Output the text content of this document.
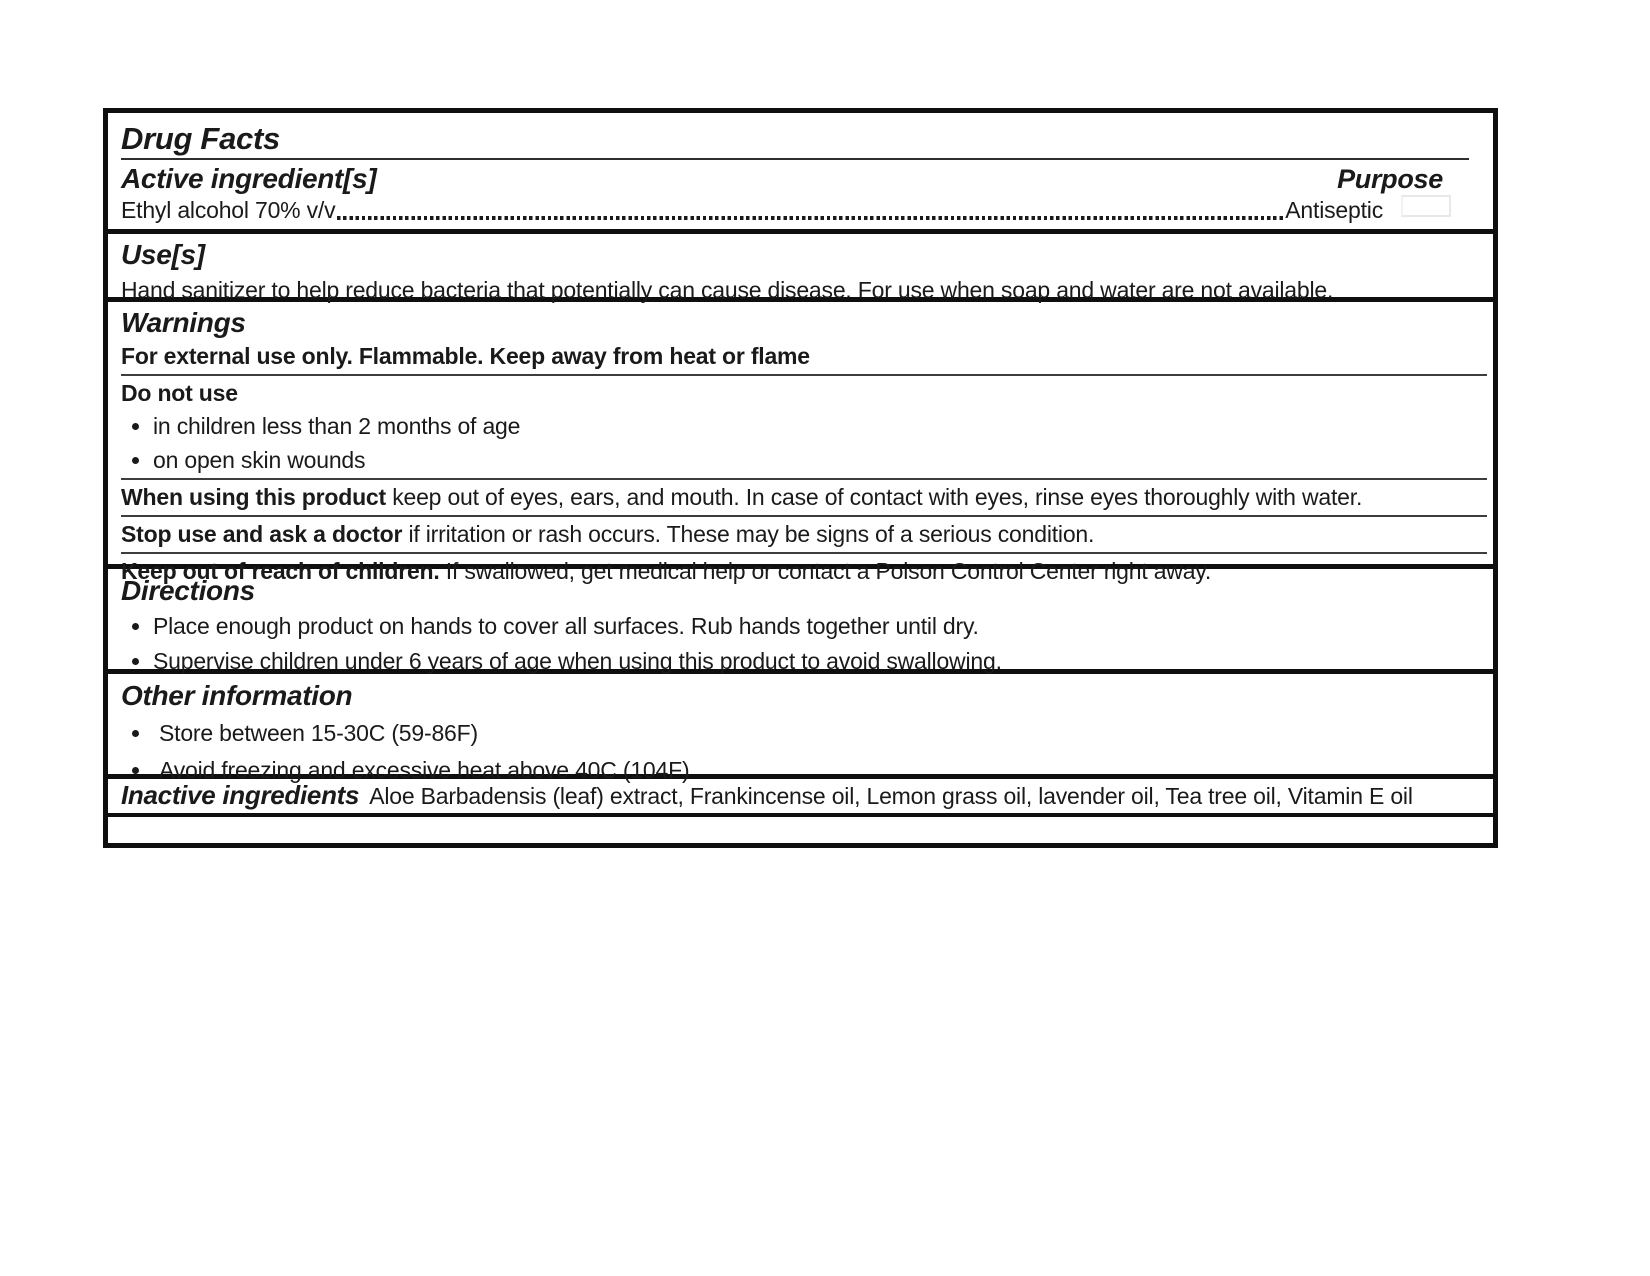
Drug Facts
Active ingredient[s]	Purpose
Ethyl alcohol 70% v/v	Antiseptic
Use[s]
Hand sanitizer to help reduce bacteria that potentially can cause disease. For use when soap and water are not available.
Warnings
For external use only. Flammable. Keep away from heat or flame
Do not use
• in children less than 2 months of age
• on open skin wounds
When using this product keep out of eyes, ears, and mouth. In case of contact with eyes, rinse eyes thoroughly with water.
Stop use and ask a doctor if irritation or rash occurs. These may be signs of a serious condition.
Keep out of reach of children. If swallowed, get medical help or contact a Poison Control Center right away.
Directions
• Place enough product on hands to cover all surfaces. Rub hands together until dry.
• Supervise children under 6 years of age when using this product to avoid swallowing.
Other information
• Store between 15-30C (59-86F)
• Avoid freezing and excessive heat above 40C (104F)
Inactive ingredients Aloe Barbadensis (leaf) extract, Frankincense oil, Lemon grass oil, lavender oil, Tea tree oil, Vitamin E oil
